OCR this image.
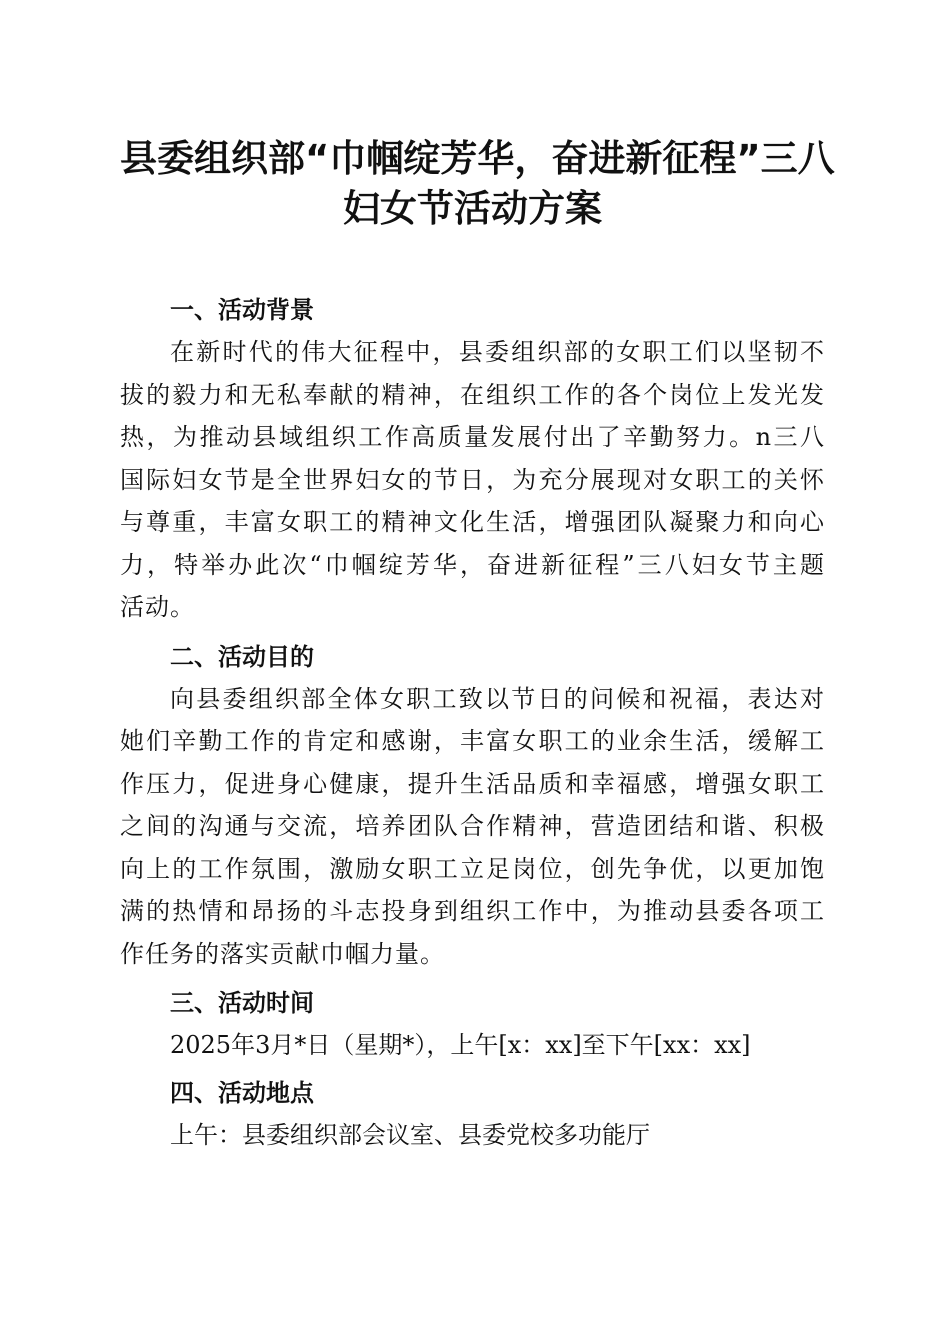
县委组织部“巾帼绽芳华，奋进新征程”三八
妇女节活动方案
一、活动背景
在新时代的伟大征程中，县委组织部的女职工们以坚韧不
拔的毅力和无私奉献的精神，在组织工作的各个岗位上发光发
热，为推动县域组织工作高质量发展付出了辛勤努力。n三八
国际妇女节是全世界妇女的节日，为充分展现对女职工的关怀
与尊重，丰富女职工的精神文化生活，增强团队凝聚力和向心
力，特举办此次“巾帼绽芳华，奋进新征程”三八妇女节主题
活动。
二、活动目的
向县委组织部全体女职工致以节日的问候和祝福，表达对
她们辛勤工作的肯定和感谢，丰富女职工的业余生活，缓解工
作压力，促进身心健康，提升生活品质和幸福感，增强女职工
之间的沟通与交流，培养团队合作精神，营造团结和谐、积极
向上的工作氛围，激励女职工立足岗位，创先争优，以更加饱
满的热情和昂扬的斗志投身到组织工作中，为推动县委各项工
作任务的落实贡献巾帼力量。
三、活动时间
2025年3月*日（星期*），上午[x：xx]至下午[xx：xx]
四、活动地点
上午：县委组织部会议室、县委党校多功能厅
